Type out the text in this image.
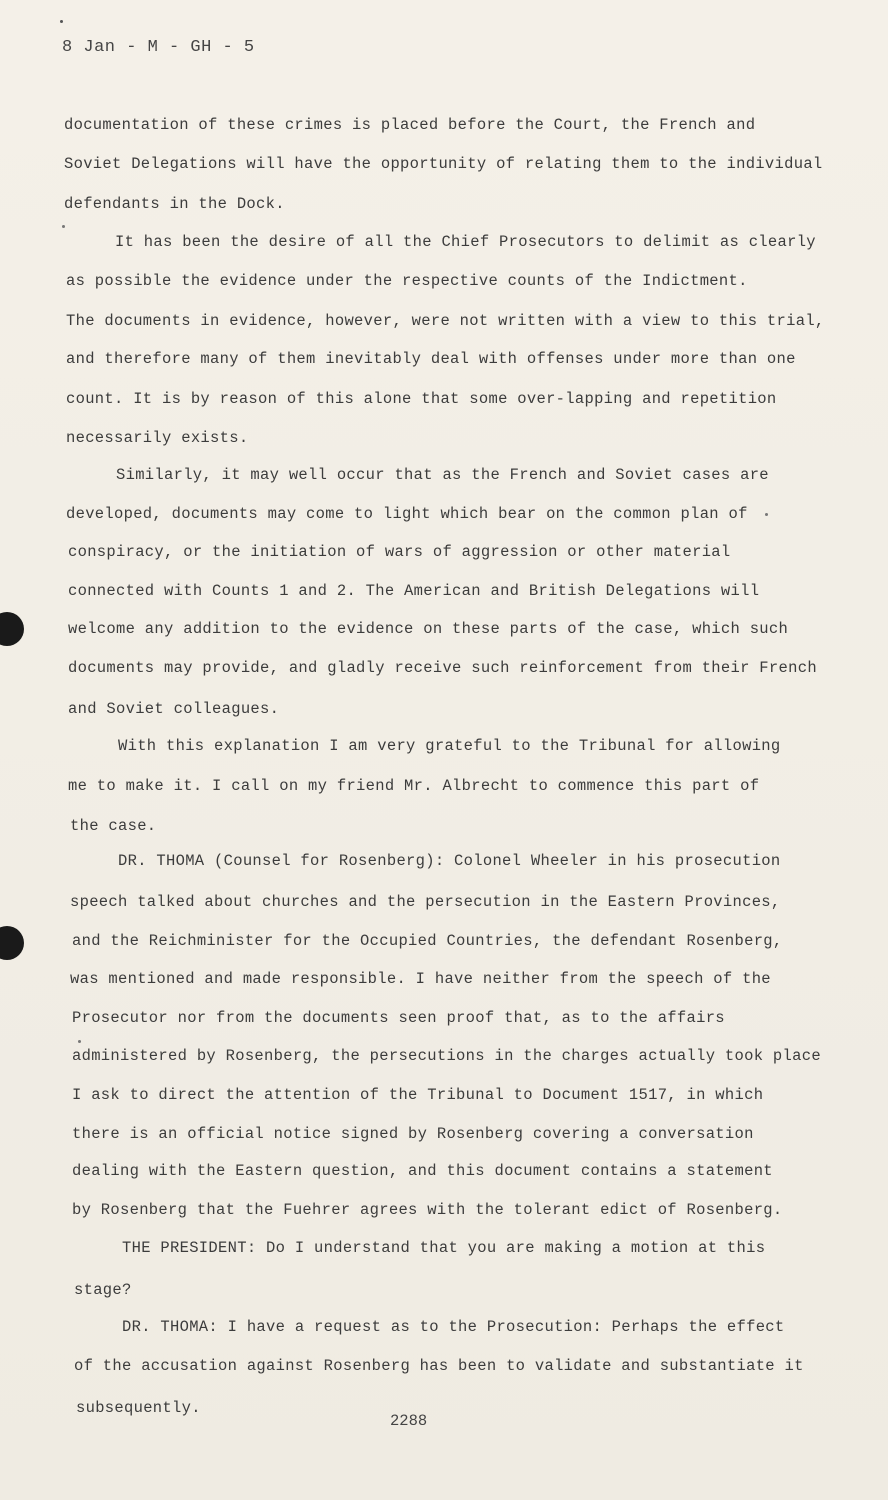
8 Jan - M - GH - 5
documentation of these crimes is placed before the Court, the French and
Soviet Delegations will have the opportunity of relating them to the individual
defendants in the Dock.
It has been the desire of all the Chief Prosecutors to delimit as clearly
as possible the evidence under the respective counts of the Indictment.
The documents in evidence, however, were not written with a view to this trial,
and therefore many of them inevitably deal with offenses under more than one
count. It is by reason of this alone that some over-lapping and repetition
necessarily exists.
Similarly, it may well occur that as the French and Soviet cases are
developed, documents may come to light which bear on the common plan of
conspiracy, or the initiation of wars of aggression or other material
connected with Counts 1 and 2. The American and British Delegations will
welcome any addition to the evidence on these parts of the case, which such
documents may provide, and gladly receive such reinforcement from their French
and Soviet colleagues.
With this explanation I am very grateful to the Tribunal for allowing
me to make it. I call on my friend Mr. Albrecht to commence this part of
the case.
DR. THOMA (Counsel for Rosenberg): Colonel Wheeler in his prosecution
speech talked about churches and the persecution in the Eastern Provinces,
and the Reichminister for the Occupied Countries, the defendant Rosenberg,
was mentioned and made responsible. I have neither from the speech of the
Prosecutor nor from the documents seen proof that, as to the affairs
administered by Rosenberg, the persecutions in the charges actually took place
I ask to direct the attention of the Tribunal to Document 1517, in which
there is an official notice signed by Rosenberg covering a conversation
dealing with the Eastern question, and this document contains a statement
by Rosenberg that the Fuehrer agrees with the tolerant edict of Rosenberg.
THE PRESIDENT: Do I understand that you are making a motion at this
stage?
DR. THOMA: I have a request as to the Prosecution: Perhaps the effect
of the accusation against Rosenberg has been to validate and substantiate it
subsequently.
2288
